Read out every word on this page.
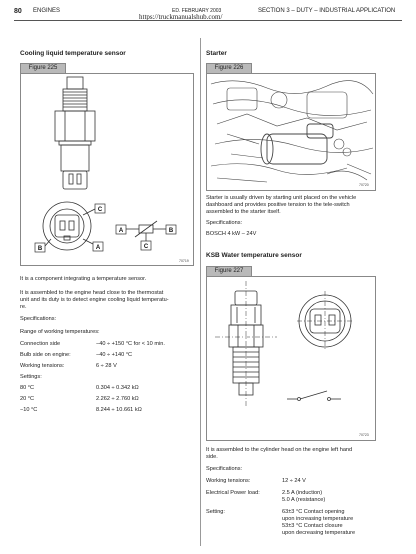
80 ENGINES	ED. FEBRUARY 2003
https://truckmanualshub.com/
SECTION 3 – DUTY – INDUSTRIAL APPLICATION
Cooling liquid temperature sensor
Figure 225
C
B	A
A	B
C
70719
It is a component integrating a temperature sensor.
It is assembled to the engine head close to the thermostat
unit and its duty is to detect engine cooling liquid temperatu-
re.
Specifications:
Range of working temperatures:
Connection side	−40 ÷ +150 °C for < 10 min.
Bulb side on engine:	−40 ÷ +140 °C
Working tensions:	6 ÷ 28 V
Settings:
80 °C	0.304 ÷ 0.342 kΩ
20 °C	2.262 ÷ 2.760 kΩ
−10 °C	8.244 ÷ 10.661 kΩ
Starter
Figure 226
70720
Starter is usually driven by starting unit placed on the vehicle
dashboard and provides positive tension to the tele-switch
assembled to the starter itself.
Specifications:
BOSCH 4 kW – 24V
KSB Water temperature sensor
Figure 227
70723
It is assembled to the cylinder head on the engine left hand
side.
Specifications:
Working tensions:	12 ÷ 24 V
Electrical Power load:	2.5 A (induction)
5.0 A (resistance)
Setting:	63±3 °C Contact opening
upon increasing temperature
53±3 °C Contact closure
upon decreasing temperature
